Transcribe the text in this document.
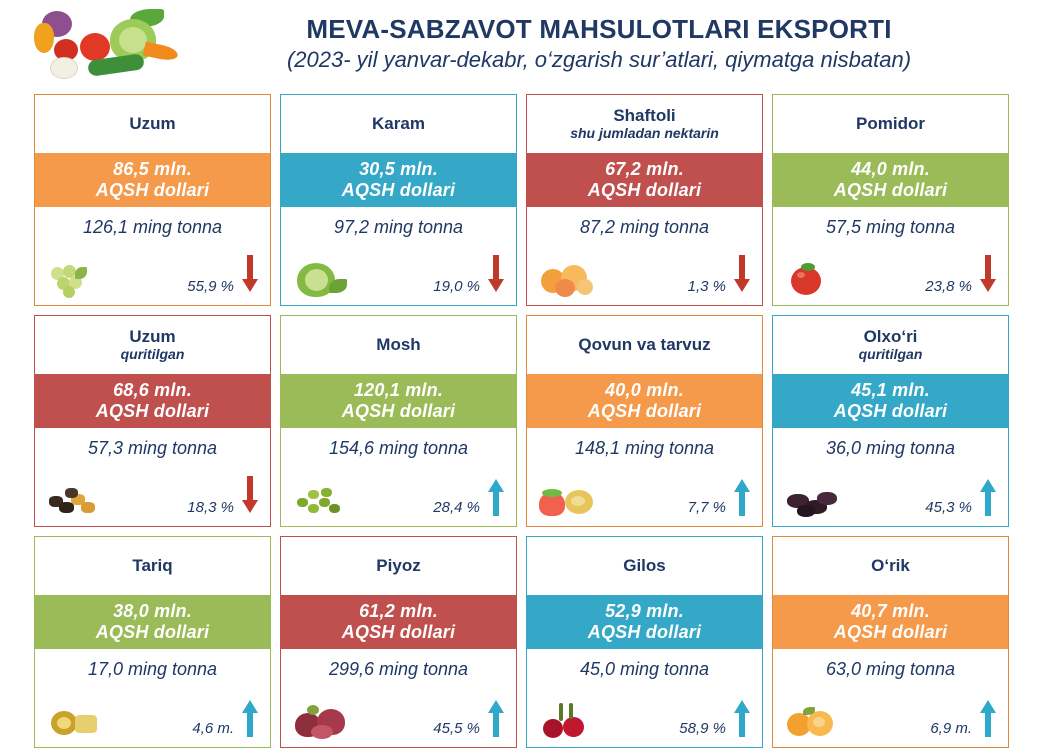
MEVA-SABZAVOT MAHSULOTLARI EKSPORTI
(2023- yil yanvar-dekabr, o‘zgarish sur’atlari, qiymatga nisbatan)
Uzum
86,5 mln.
AQSH dollari
126,1 ming tonna
55,9 %
Karam
30,5 mln.
AQSH dollari
97,2 ming tonna
19,0 %
Shaftoli
shu jumladan nektarin
67,2 mln.
AQSH dollari
87,2 ming tonna
1,3 %
Pomidor
44,0 mln.
AQSH dollari
57,5 ming tonna
23,8 %
Uzum
quritilgan
68,6 mln.
AQSH dollari
57,3 ming tonna
18,3 %
Mosh
120,1 mln.
AQSH dollari
154,6 ming tonna
28,4 %
Qovun va tarvuz
40,0 mln.
AQSH dollari
148,1 ming tonna
7,7 %
Olxo‘ri
quritilgan
45,1 mln.
AQSH dollari
36,0 ming tonna
45,3 %
Tariq
38,0 mln.
AQSH dollari
17,0 ming tonna
4,6 m.
Piyoz
61,2 mln.
AQSH dollari
299,6 ming tonna
45,5 %
Gilos
52,9 mln.
AQSH dollari
45,0 ming tonna
58,9 %
O‘rik
40,7 mln.
AQSH dollari
63,0 ming tonna
6,9 m.
